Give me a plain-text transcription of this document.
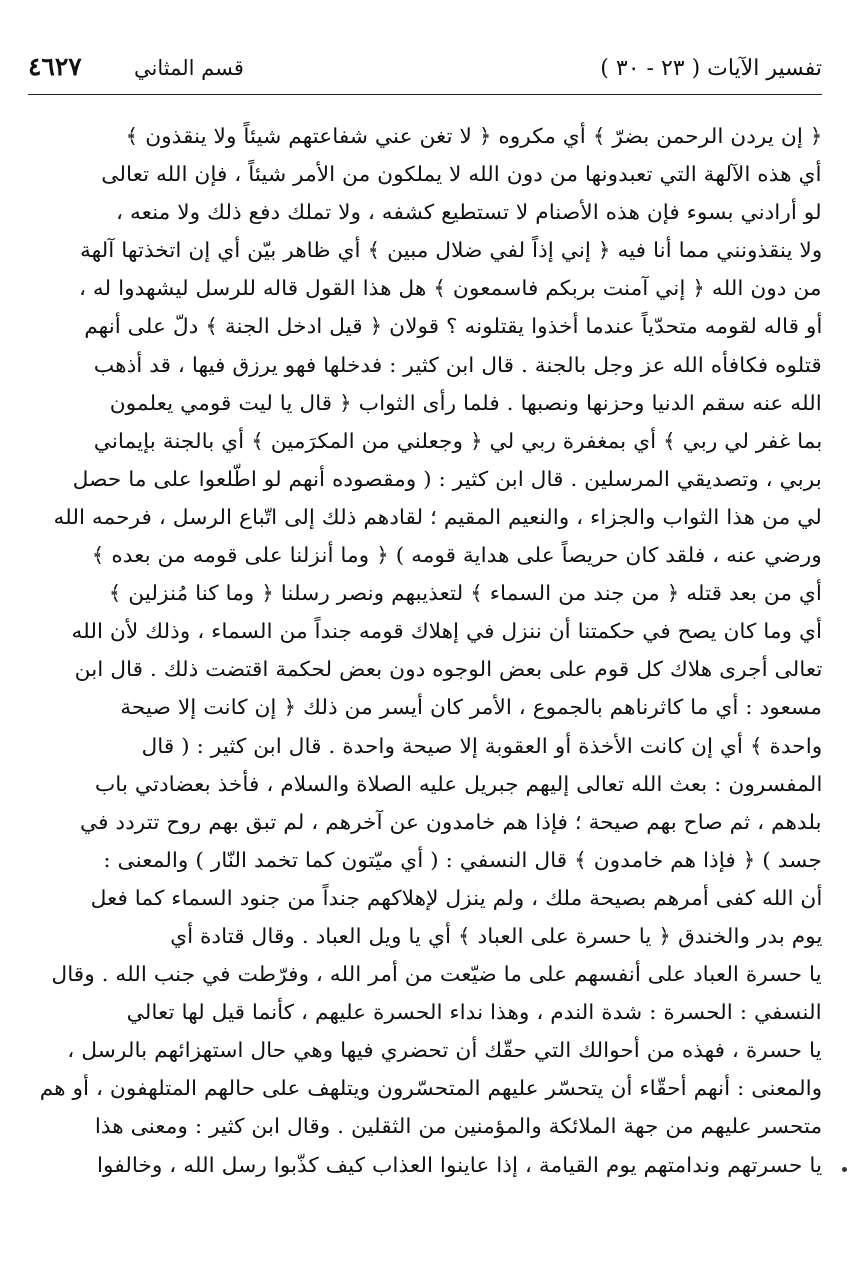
تفسير الآيات ( ٢٣ - ٣٠ )
قسم المثاني
٤٦٢٧
﴿ إن يردن الرحمن بضرّ ﴾ أي مكروه ﴿ لا تغن عني شفاعتهم شيئاً ولا ينقذون ﴾
أي هذه الآلهة التي تعبدونها من دون الله لا يملكون من الأمر شيئاً ، فإن الله تعالى
لو أرادني بسوء فإن هذه الأصنام لا تستطيع كشفه ، ولا تملك دفع ذلك ولا منعه ،
ولا ينقذونني مما أنا فيه ﴿ إني إذاً لفي ضلال مبين ﴾ أي ظاهر بيّن أي إن اتخذتها آلهة
من دون الله ﴿ إني آمنت بربكم فاسمعون ﴾ هل هذا القول قاله للرسل ليشهدوا له ،
أو قاله لقومه متحدّياً عندما أخذوا يقتلونه ؟ قولان ﴿ قيل ادخل الجنة ﴾ دلّ على أنهم
قتلوه فكافأه الله عز وجل بالجنة . قال ابن كثير : فدخلها فهو يرزق فيها ، قد أذهب
الله عنه سقم الدنيا وحزنها ونصبها . فلما رأى الثواب ﴿ قال يا ليت قومي يعلمون
بما غفر لي ربي ﴾ أي بمغفرة ربي لي ﴿ وجعلني من المكرَمين ﴾ أي بالجنة بإيماني
بربي ، وتصديقي المرسلين . قال ابن كثير : ( ومقصوده أنهم لو اطّلعوا على ما حصل
لي من هذا الثواب والجزاء ، والنعيم المقيم ؛ لقادهم ذلك إلى اتّباع الرسل ، فرحمه الله
ورضي عنه ، فلقد كان حريصاً على هداية قومه ) ﴿ وما أنزلنا على قومه من بعده ﴾
أي من بعد قتله ﴿ من جند من السماء ﴾ لتعذيبهم ونصر رسلنا ﴿ وما كنا مُنزلين ﴾
أي وما كان يصح في حكمتنا أن ننزل في إهلاك قومه جنداً من السماء ، وذلك لأن الله
تعالى أجرى هلاك كل قوم على بعض الوجوه دون بعض لحكمة اقتضت ذلك . قال ابن
مسعود : أي ما كاثرناهم بالجموع ، الأمر كان أيسر من ذلك ﴿ إن كانت إلا صيحة
واحدة ﴾ أي إن كانت الأخذة أو العقوبة إلا صيحة واحدة . قال ابن كثير : ( قال
المفسرون : بعث الله تعالى إليهم جبريل عليه الصلاة والسلام ، فأخذ بعضادتي باب
بلدهم ، ثم صاح بهم صيحة ؛ فإذا هم خامدون عن آخرهم ، لم تبق بهم روح تتردد في
جسد ) ﴿ فإذا هم خامدون ﴾ قال النسفي : ( أي ميّتون كما تخمد النّار ) والمعنى :
أن الله كفى أمرهم بصيحة ملك ، ولم ينزل لإهلاكهم جنداً من جنود السماء كما فعل
يوم بدر والخندق ﴿ يا حسرة على العباد ﴾ أي يا ويل العباد . وقال قتادة أي
يا حسرة العباد على أنفسهم على ما ضيّعت من أمر الله ، وفرّطت في جنب الله . وقال
النسفي : الحسرة : شدة الندم ، وهذا نداء الحسرة عليهم ، كأنما قيل لها تعالي
يا حسرة ، فهذه من أحوالك التي حقّك أن تحضري فيها وهي حال استهزائهم بالرسل ،
والمعنى : أنهم أحقّاء أن يتحسّر عليهم المتحسّرون ويتلهف على حالهم المتلهفون ، أو هم
متحسر عليهم من جهة الملائكة والمؤمنين من الثقلين . وقال ابن كثير : ومعنى هذا
يا حسرتهم وندامتهم يوم القيامة ، إذا عاينوا العذاب كيف كذّبوا رسل الله ، وخالفوا
